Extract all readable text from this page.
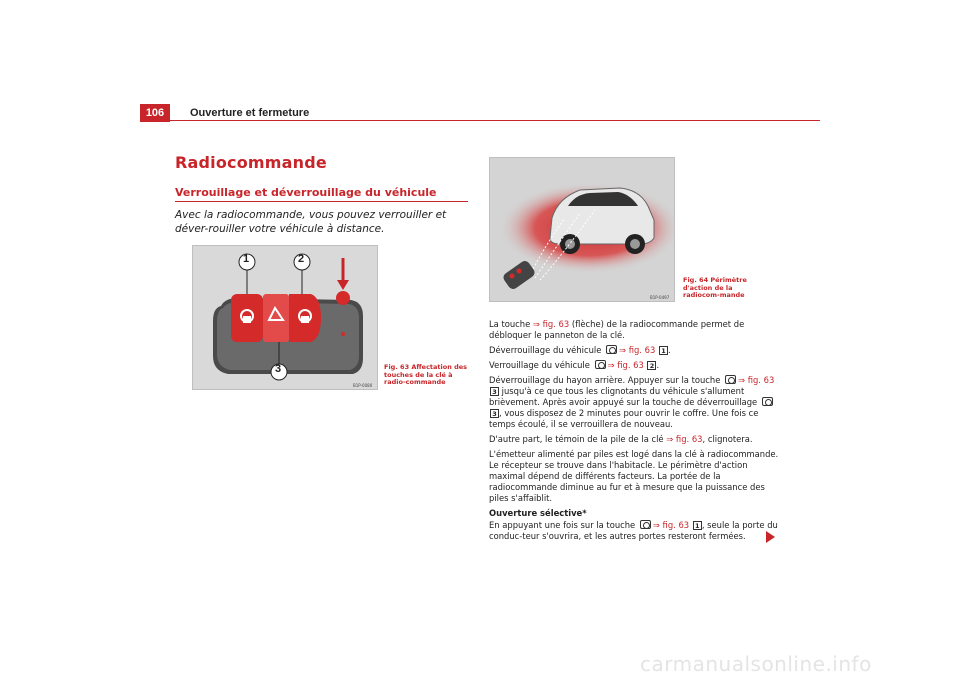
106	Ouverture et fermeture
Radiocommande
Verrouillage et déverrouillage du véhicule
Avec la radiocommande, vous pouvez verrouiller et déver-rouiller votre véhicule à distance.
1	2
3
B1P-0080
Fig. 63 Affectation des touches de la clé à radio-commande
B1P-0497
Fig. 64 Périmètre d'action de la radiocom-mande

La touche ⇒ fig. 63 (flèche) de la radiocommande permet de débloquer le panneton de la clé.

Déverrouillage du véhicule ⇒ fig. 63 1 .

Verrouillage du véhicule ⇒ fig. 63 2 .

Déverrouillage du hayon arrière. Appuyer sur la touche ⇒ fig. 63 3 jusqu'à ce que tous les clignotants du véhicule s'allument brièvement. Après avoir appuyé sur la touche de déverrouillage 3 , vous disposez de 2 minutes pour ouvrir le coffre. Une fois ce temps écoulé, il se verrouillera de nouveau.

D'autre part, le témoin de la pile de la clé ⇒ fig. 63, clignotera.

L'émetteur alimenté par piles est logé dans la clé à radiocommande. Le récepteur se trouve dans l'habitacle. Le périmètre d'action maximal dépend de différents facteurs. La portée de la radiocommande diminue au fur et à mesure que la puissance des piles s'affaiblit.

Ouverture sélective*

En appuyant une fois sur la touche ⇒ fig. 63 1 , seule la porte du conduc-teur s'ouvrira, et les autres portes resteront fermées.

carmanualsonline.info
